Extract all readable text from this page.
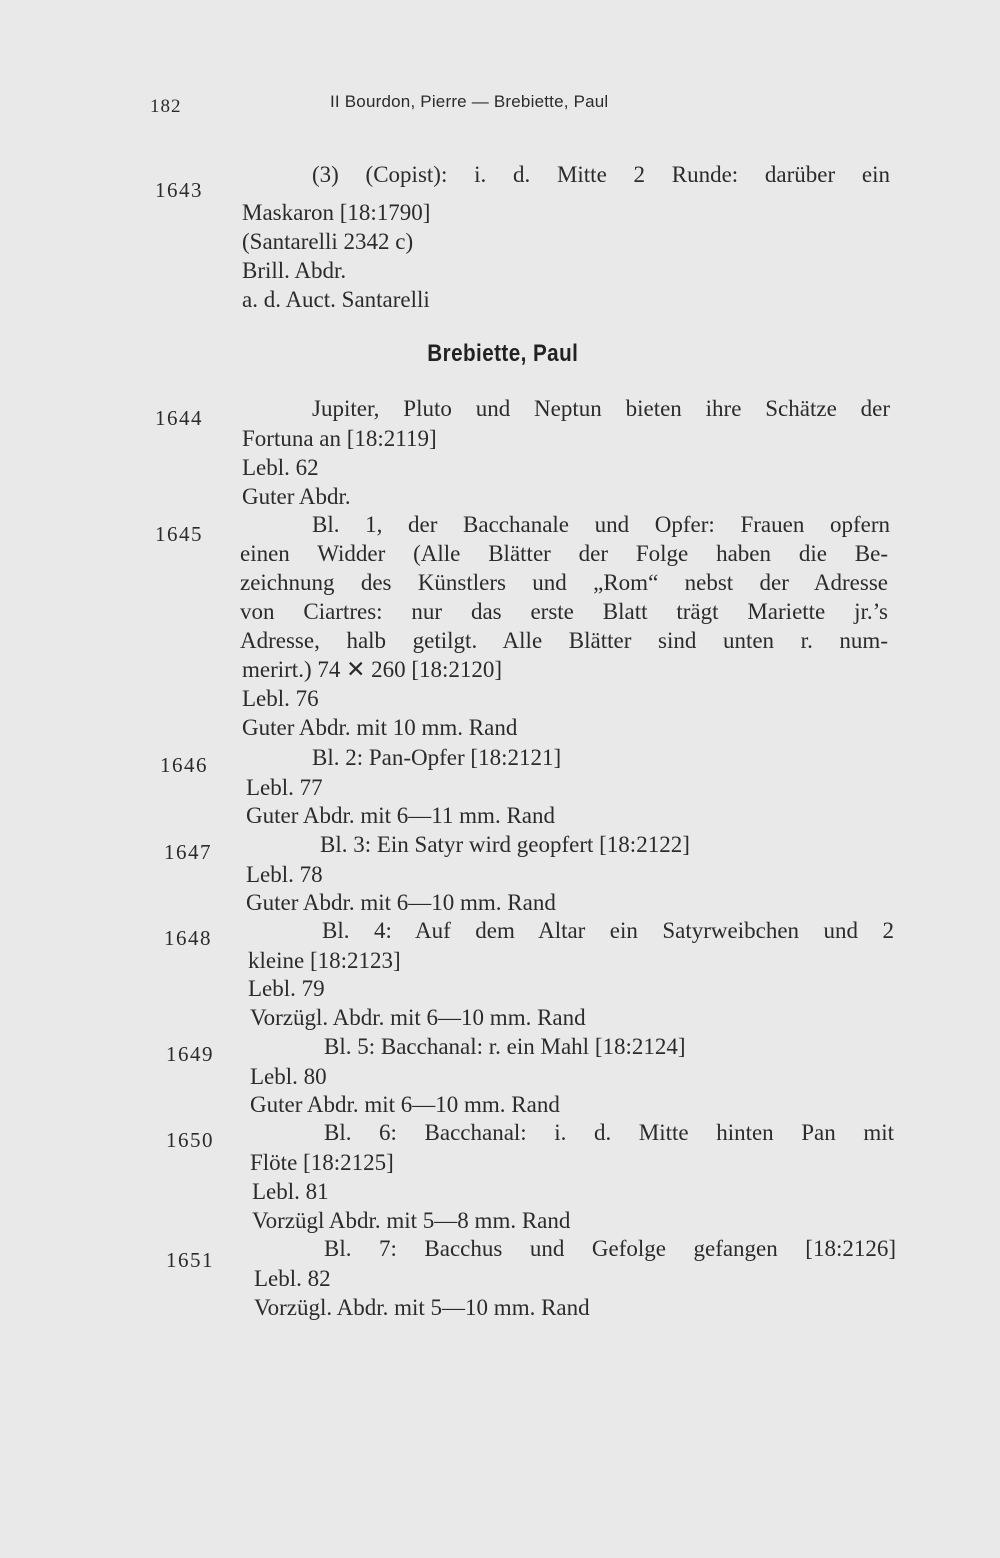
182	II Bourdon, Pierre — Brebiette, Paul
1643
(3) (Copist): i. d. Mitte 2 Runde: darüber ein
Maskaron [18:1790]
(Santarelli 2342 c)
Brill. Abdr.
a. d. Auct. Santarelli
Brebiette, Paul
1644	Jupiter, Pluto und Neptun bieten ihre Schätze der
Fortuna an [18:2119]
Lebl. 62
Guter Abdr.
1645	Bl. 1, der Bacchanale und Opfer: Frauen opfern
einen Widder (Alle Blätter der Folge haben die Be-
zeichnung des Künstlers und „Rom“ nebst der Adresse
von Ciartres: nur das erste Blatt trägt Mariette jr.’s
Adresse, halb getilgt. Alle Blätter sind unten r. num-
merirt.) 74 ✕ 260 [18:2120]
Lebl. 76
Guter Abdr. mit 10 mm. Rand
1646	Bl. 2: Pan-Opfer [18:2121]
Lebl. 77
Guter Abdr. mit 6—11 mm. Rand
1647	Bl. 3: Ein Satyr wird geopfert [18:2122]
Lebl. 78
Guter Abdr. mit 6—10 mm. Rand
1648	Bl. 4: Auf dem Altar ein Satyrweibchen und 2
kleine [18:2123]
Lebl. 79
Vorzügl. Abdr. mit 6—10 mm. Rand
1649	Bl. 5: Bacchanal: r. ein Mahl [18:2124]
Lebl. 80
Guter Abdr. mit 6—10 mm. Rand
1650	Bl. 6: Bacchanal: i. d. Mitte hinten Pan mit
Flöte [18:2125]
Lebl. 81
Vorzügl Abdr. mit 5—8 mm. Rand
1651	Bl. 7: Bacchus und Gefolge gefangen [18:2126]
Lebl. 82
Vorzügl. Abdr. mit 5—10 mm. Rand
